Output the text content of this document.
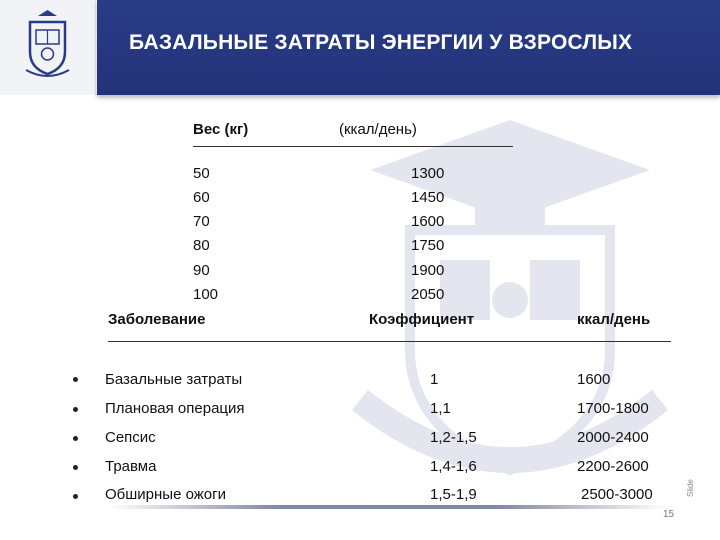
БАЗАЛЬНЫЕ ЗАТРАТЫ ЭНЕРГИИ У ВЗРОСЛЫХ
Вес (кг)	(ккал/день)
50	1300
60	1450
70	1600
80	1750
90	1900
100	2050
Заболевание	Коэффициент	ккал/день
Базальные затраты	1	1600
Плановая операция	1,1	1700-1800
Сепсис	1,2-1,5	2000-2400
Травма	1,4-1,6	2200-2600
Обширные ожоги	1,5-1,9	2500-3000
15
Slide
